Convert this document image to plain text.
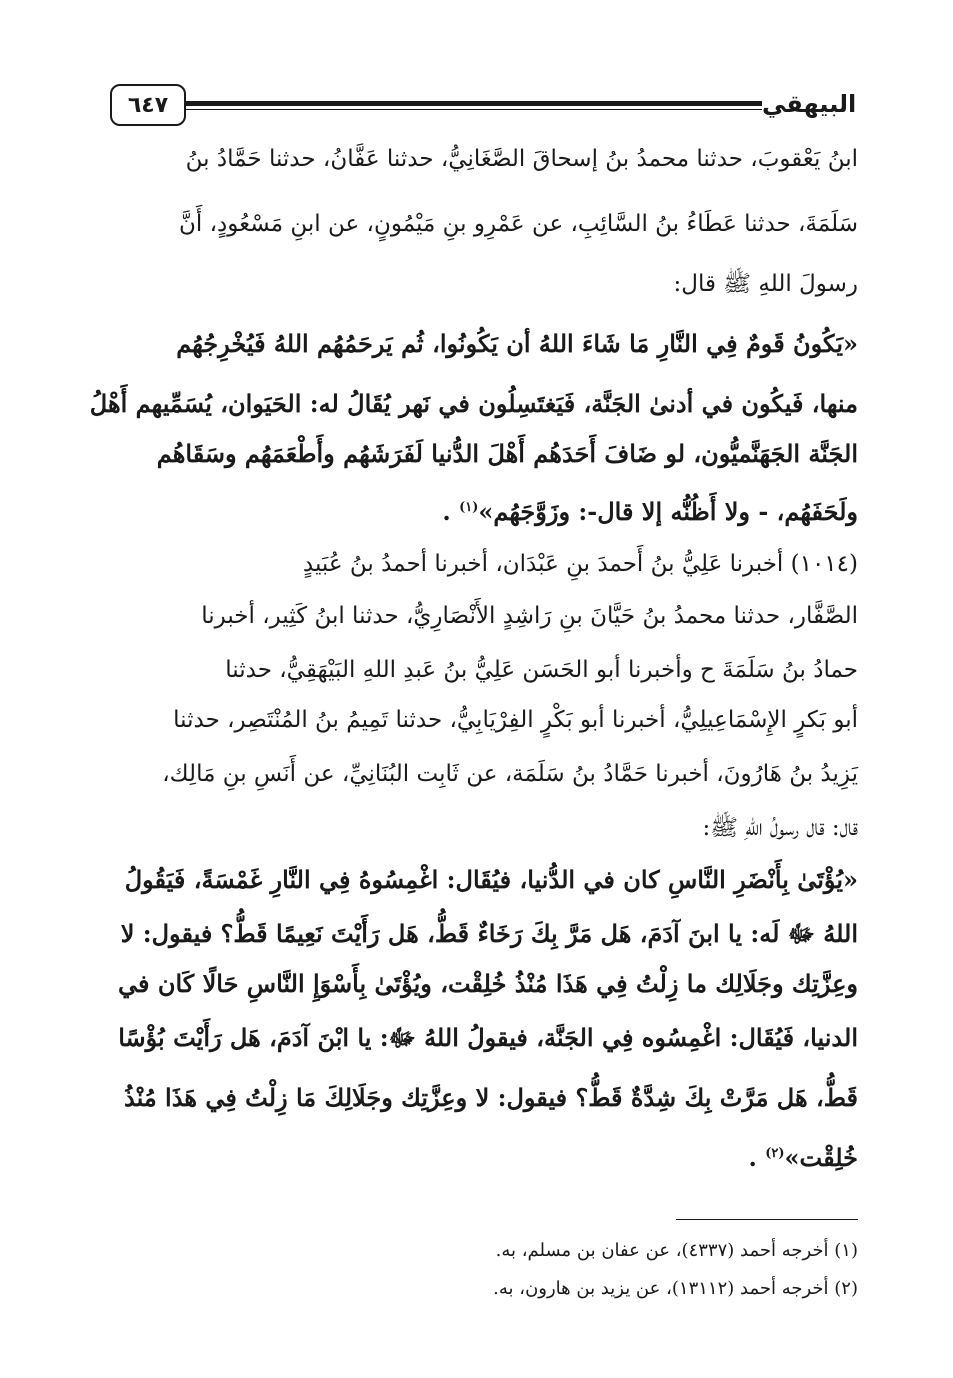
٦٤٧	البيهقي
ابنُ يَعْقوبَ، حدثنا محمدُ بنُ إسحاقَ الصَّغَانِيُّ، حدثنا عَفَّانُ، حدثنا حَمَّادُ بنُ
سَلَمَةَ، حدثنا عَطَاءُ بنُ السَّائِبِ، عن عَمْرِو بنِ مَيْمُونٍ، عن ابنِ مَسْعُودٍ، أَنَّ
رسولَ اللهِ ﷺ قال:
«يَكُونُ قَومٌ فِي النَّارِ مَا شَاءَ اللهُ أن يَكُونُوا، ثُم يَرحَمُهُم اللهُ فَيُخْرِجُهُم
منها، فَيكُون في أدنىٰ الجَنَّة، فَيَغتَسِلُون في نَهر يُقَالُ له: الحَيَوان، يُسَمِّيهم أَهْلُ
الجَنَّة الجَهَنَّميُّون، لو ضَافَ أَحَدَهُم أَهْلَ الدُّنيا لَفَرَشَهُم وأَطْعَمَهُم وسَقَاهُم
ولَحَفَهُم، - ولا أَظُنُّه إلا قال-: وزَوَّجَهُم»$^{(١)}$ .
(١٠١٤) أخبرنا عَلِيُّ بنُ أَحمدَ بنِ عَبْدَان، أخبرنا أحمدُ بنُ عُبَيدٍ
الصَّفَّار، حدثنا محمدُ بنُ حَيَّانَ بنِ رَاشِدٍ الأَنْصَارِيُّ، حدثنا ابنُ كَثِير، أخبرنا
حمادُ بنُ سَلَمَةَ ح وأخبرنا أبو الحَسَن عَلِيُّ بنُ عَبدِ اللهِ البَيْهَقِيُّ، حدثنا
أبو بَكرٍ الإِسْمَاعِيلِيُّ، أخبرنا أبو بَكْرٍ الفِرْيَابِيُّ، حدثنا تَمِيمُ بنُ المُنْتَصِر، حدثنا
يَزِيدُ بنُ هَارُونَ، أخبرنا حَمَّادُ بنُ سَلَمَة، عن ثَابِت البُنَانِيِّ، عن أَنَسِ بنِ مَالِك،
قال: قال رسولُ اللهِ ﷺ:
«يُؤْتَىٰ بِأَنْضَرِ النَّاسِ كان في الدُّنيا، فيُقَال: اغْمِسُوهُ فِي النَّارِ غَمْسَةً، فَيَقُولُ
اللهُ ﷻ لَه: يا ابنَ آدَمَ، هَل مَرَّ بِكَ رَخَاءٌ قَطُّ، هَل رَأَيْتَ نَعِيمًا قَطُّ؟ فيقول: لا
وعِزَّتِك وجَلَالِك ما زِلْتُ فِي هَذَا مُنْذُ خُلِقْت، ويُؤْتَىٰ بِأَسْوَإِ النَّاسِ حَالًا كَان في
الدنيا، فَيُقَال: اغْمِسُوه فِي الجَنَّة، فيقولُ اللهُ ﷻ: يا ابْنَ آدَمَ، هَل رَأَيْتَ بُؤْسًا
قَطُّ، هَل مَرَّتْ بِكَ شِدَّةٌ قَطُّ؟ فيقول: لا وعِزَّتِك وجَلَالِكَ مَا زِلْتُ فِي هَذَا مُنْذُ
خُلِقْت»$^{(٢)}$ .
(١) أخرجه أحمد (٤٣٣٧)، عن عفان بن مسلم، به.
(٢) أخرجه أحمد (١٣١١٢)، عن يزيد بن هارون، به.
